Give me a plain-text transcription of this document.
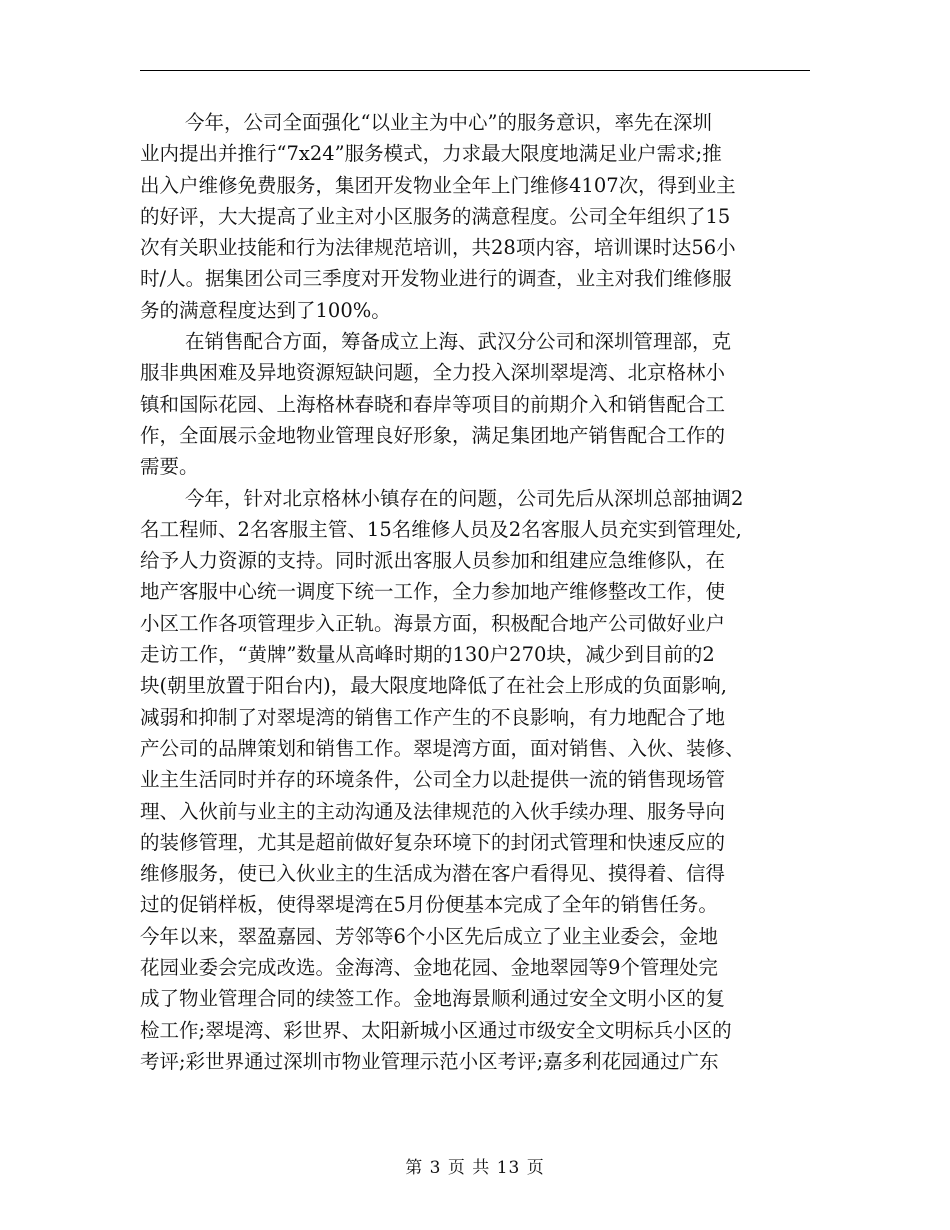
今年，公司全面强化“以业主为中心”的服务意识，率先在深圳
业内提出并推行“7x24”服务模式，力求最大限度地满足业户需求;推
出入户维修免费服务，集团开发物业全年上门维修4107次，得到业主
的好评，大大提高了业主对小区服务的满意程度。公司全年组织了15
次有关职业技能和行为法律规范培训，共28项内容，培训课时达56小
时/人。据集团公司三季度对开发物业进行的调查，业主对我们维修服
务的满意程度达到了100%。
在销售配合方面，筹备成立上海、武汉分公司和深圳管理部，克
服非典困难及异地资源短缺问题，全力投入深圳翠堤湾、北京格林小
镇和国际花园、上海格林春晓和春岸等项目的前期介入和销售配合工
作，全面展示金地物业管理良好形象，满足集团地产销售配合工作的
需要。
今年，针对北京格林小镇存在的问题，公司先后从深圳总部抽调2
名工程师、2名客服主管、15名维修人员及2名客服人员充实到管理处,
给予人力资源的支持。同时派出客服人员参加和组建应急维修队，在
地产客服中心统一调度下统一工作，全力参加地产维修整改工作，使
小区工作各项管理步入正轨。海景方面，积极配合地产公司做好业户
走访工作，“黄牌”数量从高峰时期的130户270块，减少到目前的2
块(朝里放置于阳台内)，最大限度地降低了在社会上形成的负面影响,
减弱和抑制了对翠堤湾的销售工作产生的不良影响，有力地配合了地
产公司的品牌策划和销售工作。翠堤湾方面，面对销售、入伙、装修、
业主生活同时并存的环境条件，公司全力以赴提供一流的销售现场管
理、入伙前与业主的主动沟通及法律规范的入伙手续办理、服务导向
的装修管理，尤其是超前做好复杂环境下的封闭式管理和快速反应的
维修服务，使已入伙业主的生活成为潜在客户看得见、摸得着、信得
过的促销样板，使得翠堤湾在5月份便基本完成了全年的销售任务。
今年以来，翠盈嘉园、芳邻等6个小区先后成立了业主业委会，金地
花园业委会完成改选。金海湾、金地花园、金地翠园等9个管理处完
成了物业管理合同的续签工作。金地海景顺利通过安全文明小区的复
检工作;翠堤湾、彩世界、太阳新城小区通过市级安全文明标兵小区的
考评;彩世界通过深圳市物业管理示范小区考评;嘉多利花园通过广东
第 3 页 共 13 页
